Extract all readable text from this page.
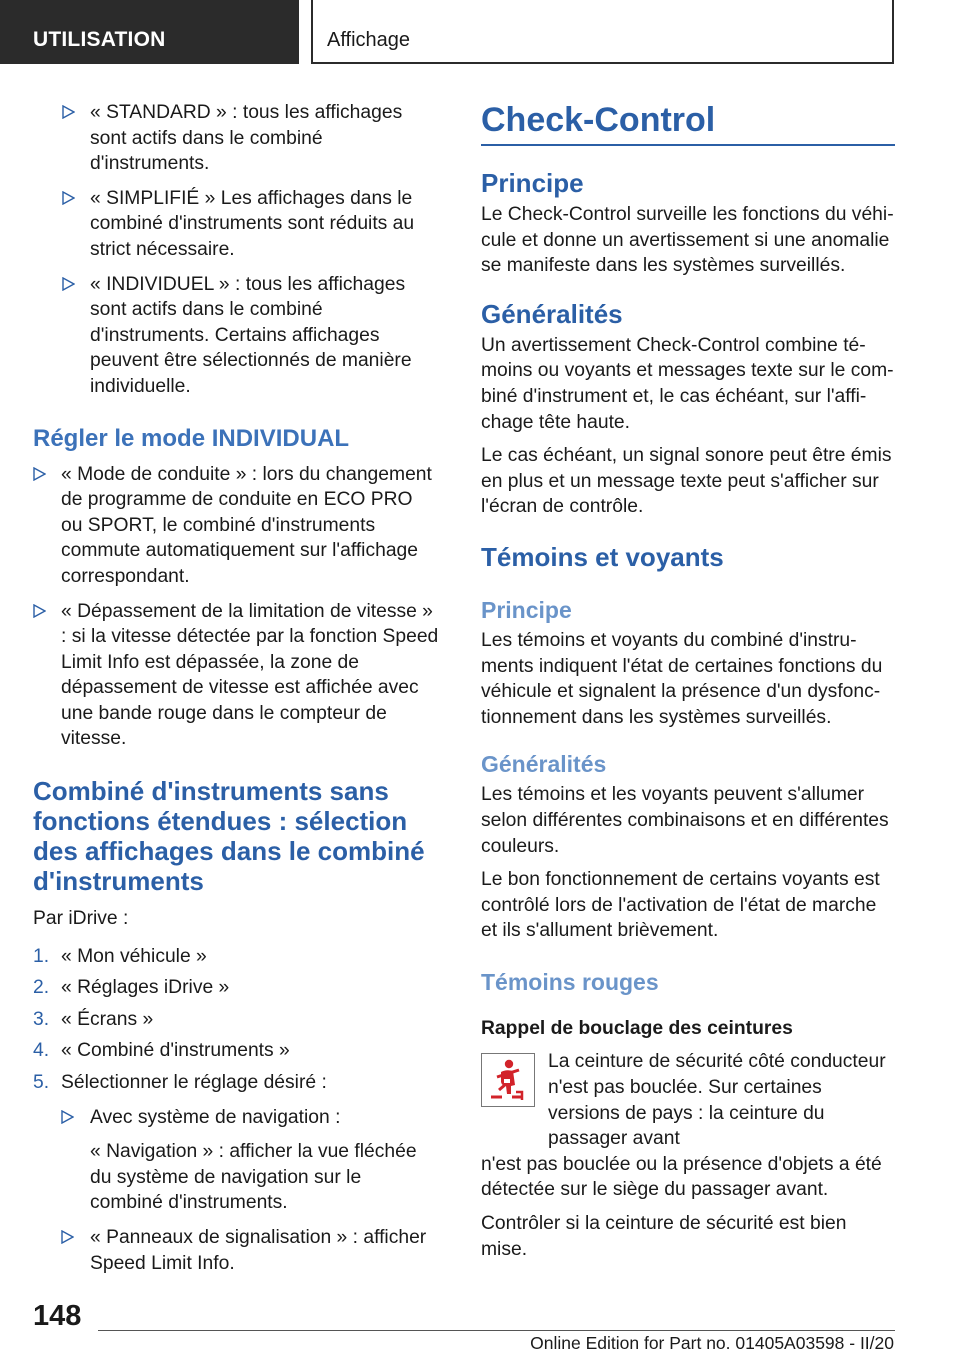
UTILISATION	Affichage
« STANDARD » : tous les affichages sont actifs dans le combiné d'instruments.
« SIMPLIFIÉ » Les affichages dans le combiné d'instruments sont réduits au strict nécessaire.
« INDIVIDUEL » : tous les affichages sont actifs dans le combiné d'instruments. Certains affichages peuvent être sélectionnés de manière individuelle.
Régler le mode INDIVIDUAL
« Mode de conduite » : lors du changement de programme de conduite en ECO PRO ou SPORT, le combiné d'instruments commute automatiquement sur l'affichage correspondant.
« Dépassement de la limitation de vitesse » : si la vitesse détectée par la fonction Speed Limit Info est dépassée, la zone de dépassement de vitesse est affichée avec une bande rouge dans le compteur de vitesse.
Combiné d'instruments sans fonctions étendues : sélection des affichages dans le combiné d'instruments

Par iDrive :

1. « Mon véhicule »
2. « Réglages iDrive »
3. « Écrans »
4. « Combiné d'instruments »
5. Sélectionner le réglage désiré :
Avec système de navigation :

« Navigation » : afficher la vue fléchée du système de navigation sur le combiné d'instruments.

« Panneaux de signalisation » : afficher Speed Limit Info.
Check-Control
Principe

Le Check-Control surveille les fonctions du véhicule et donne un avertissement si une anomalie se manifeste dans les systèmes surveillés.

Généralités

Un avertissement Check-Control combine témoins ou voyants et messages texte sur le combiné d'instrument et, le cas échéant, sur l'affichage tête haute.

Le cas échéant, un signal sonore peut être émis en plus et un message texte peut s'afficher sur l'écran de contrôle.

Témoins et voyants
Principe

Les témoins et voyants du combiné d'instruments indiquent l'état de certaines fonctions du véhicule et signalent la présence d'un dysfonctionnement dans les systèmes surveillés.

Généralités

Les témoins et les voyants peuvent s'allumer selon différentes combinaisons et en différentes couleurs.

Le bon fonctionnement de certains voyants est contrôlé lors de l'activation de l'état de marche et ils s'allument brièvement.

Témoins rouges
Rappel de bouclage des ceintures

La ceinture de sécurité côté conducteur n'est pas bouclée. Sur certaines versions de pays : la ceinture du passager avant

n'est pas bouclée ou la présence d'objets a été détectée sur le siège du passager avant.

Contrôler si la ceinture de sécurité est bien mise.

148
Online Edition for Part no. 01405A03598 - II/20
